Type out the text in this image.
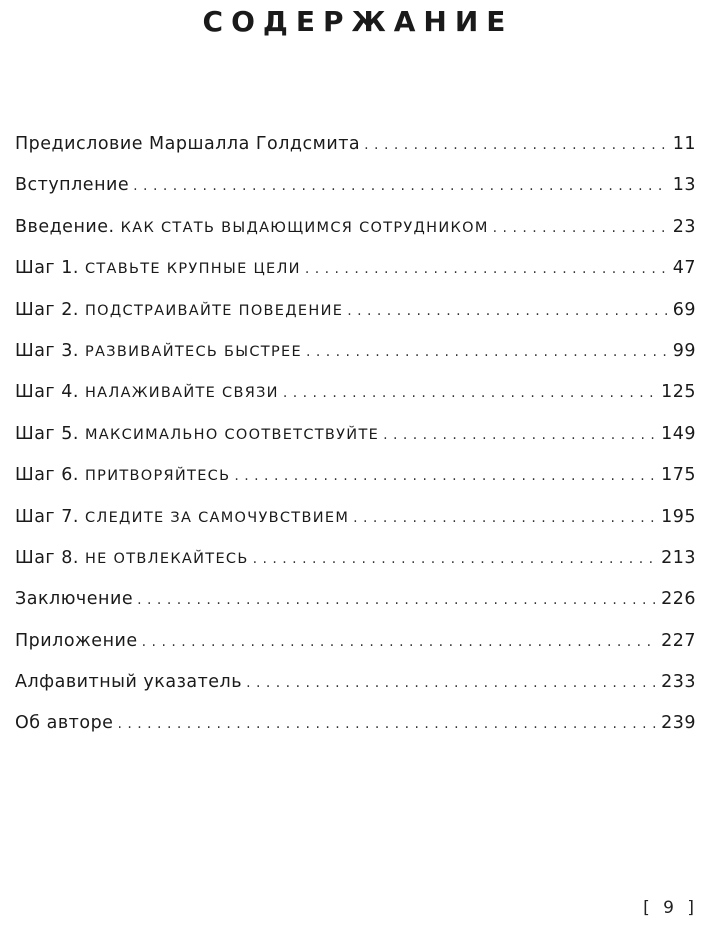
СОДЕРЖАНИЕ
Предисловие Маршалла Голдсмита . . .	11
Вступление . . .	13
Введение. КАК СТАТЬ ВЫДАЮЩИМСЯ СОТРУДНИКОМ . . .	23
Шаг 1. СТАВЬТЕ КРУПНЫЕ ЦЕЛИ . . .	47
Шаг 2. ПОДСТРАИВАЙТЕ ПОВЕДЕНИЕ . . .	69
Шаг 3. РАЗВИВАЙТЕСЬ БЫСТРЕЕ . . .	99
Шаг 4. НАЛАЖИВАЙТЕ СВЯЗИ . . .	125
Шаг 5. МАКСИМАЛЬНО СООТВЕТСТВУЙТЕ . . .	149
Шаг 6. ПРИТВОРЯЙТЕСЬ . . .	175
Шаг 7. СЛЕДИТЕ ЗА САМОЧУВСТВИЕМ . . .	195
Шаг 8. НЕ ОТВЛЕКАЙТЕСЬ . . .	213
Заключение . . .	226
Приложение . . .	227
Алфавитный указатель . . .	233
Об авторе . . .	239
[ 9 ]
